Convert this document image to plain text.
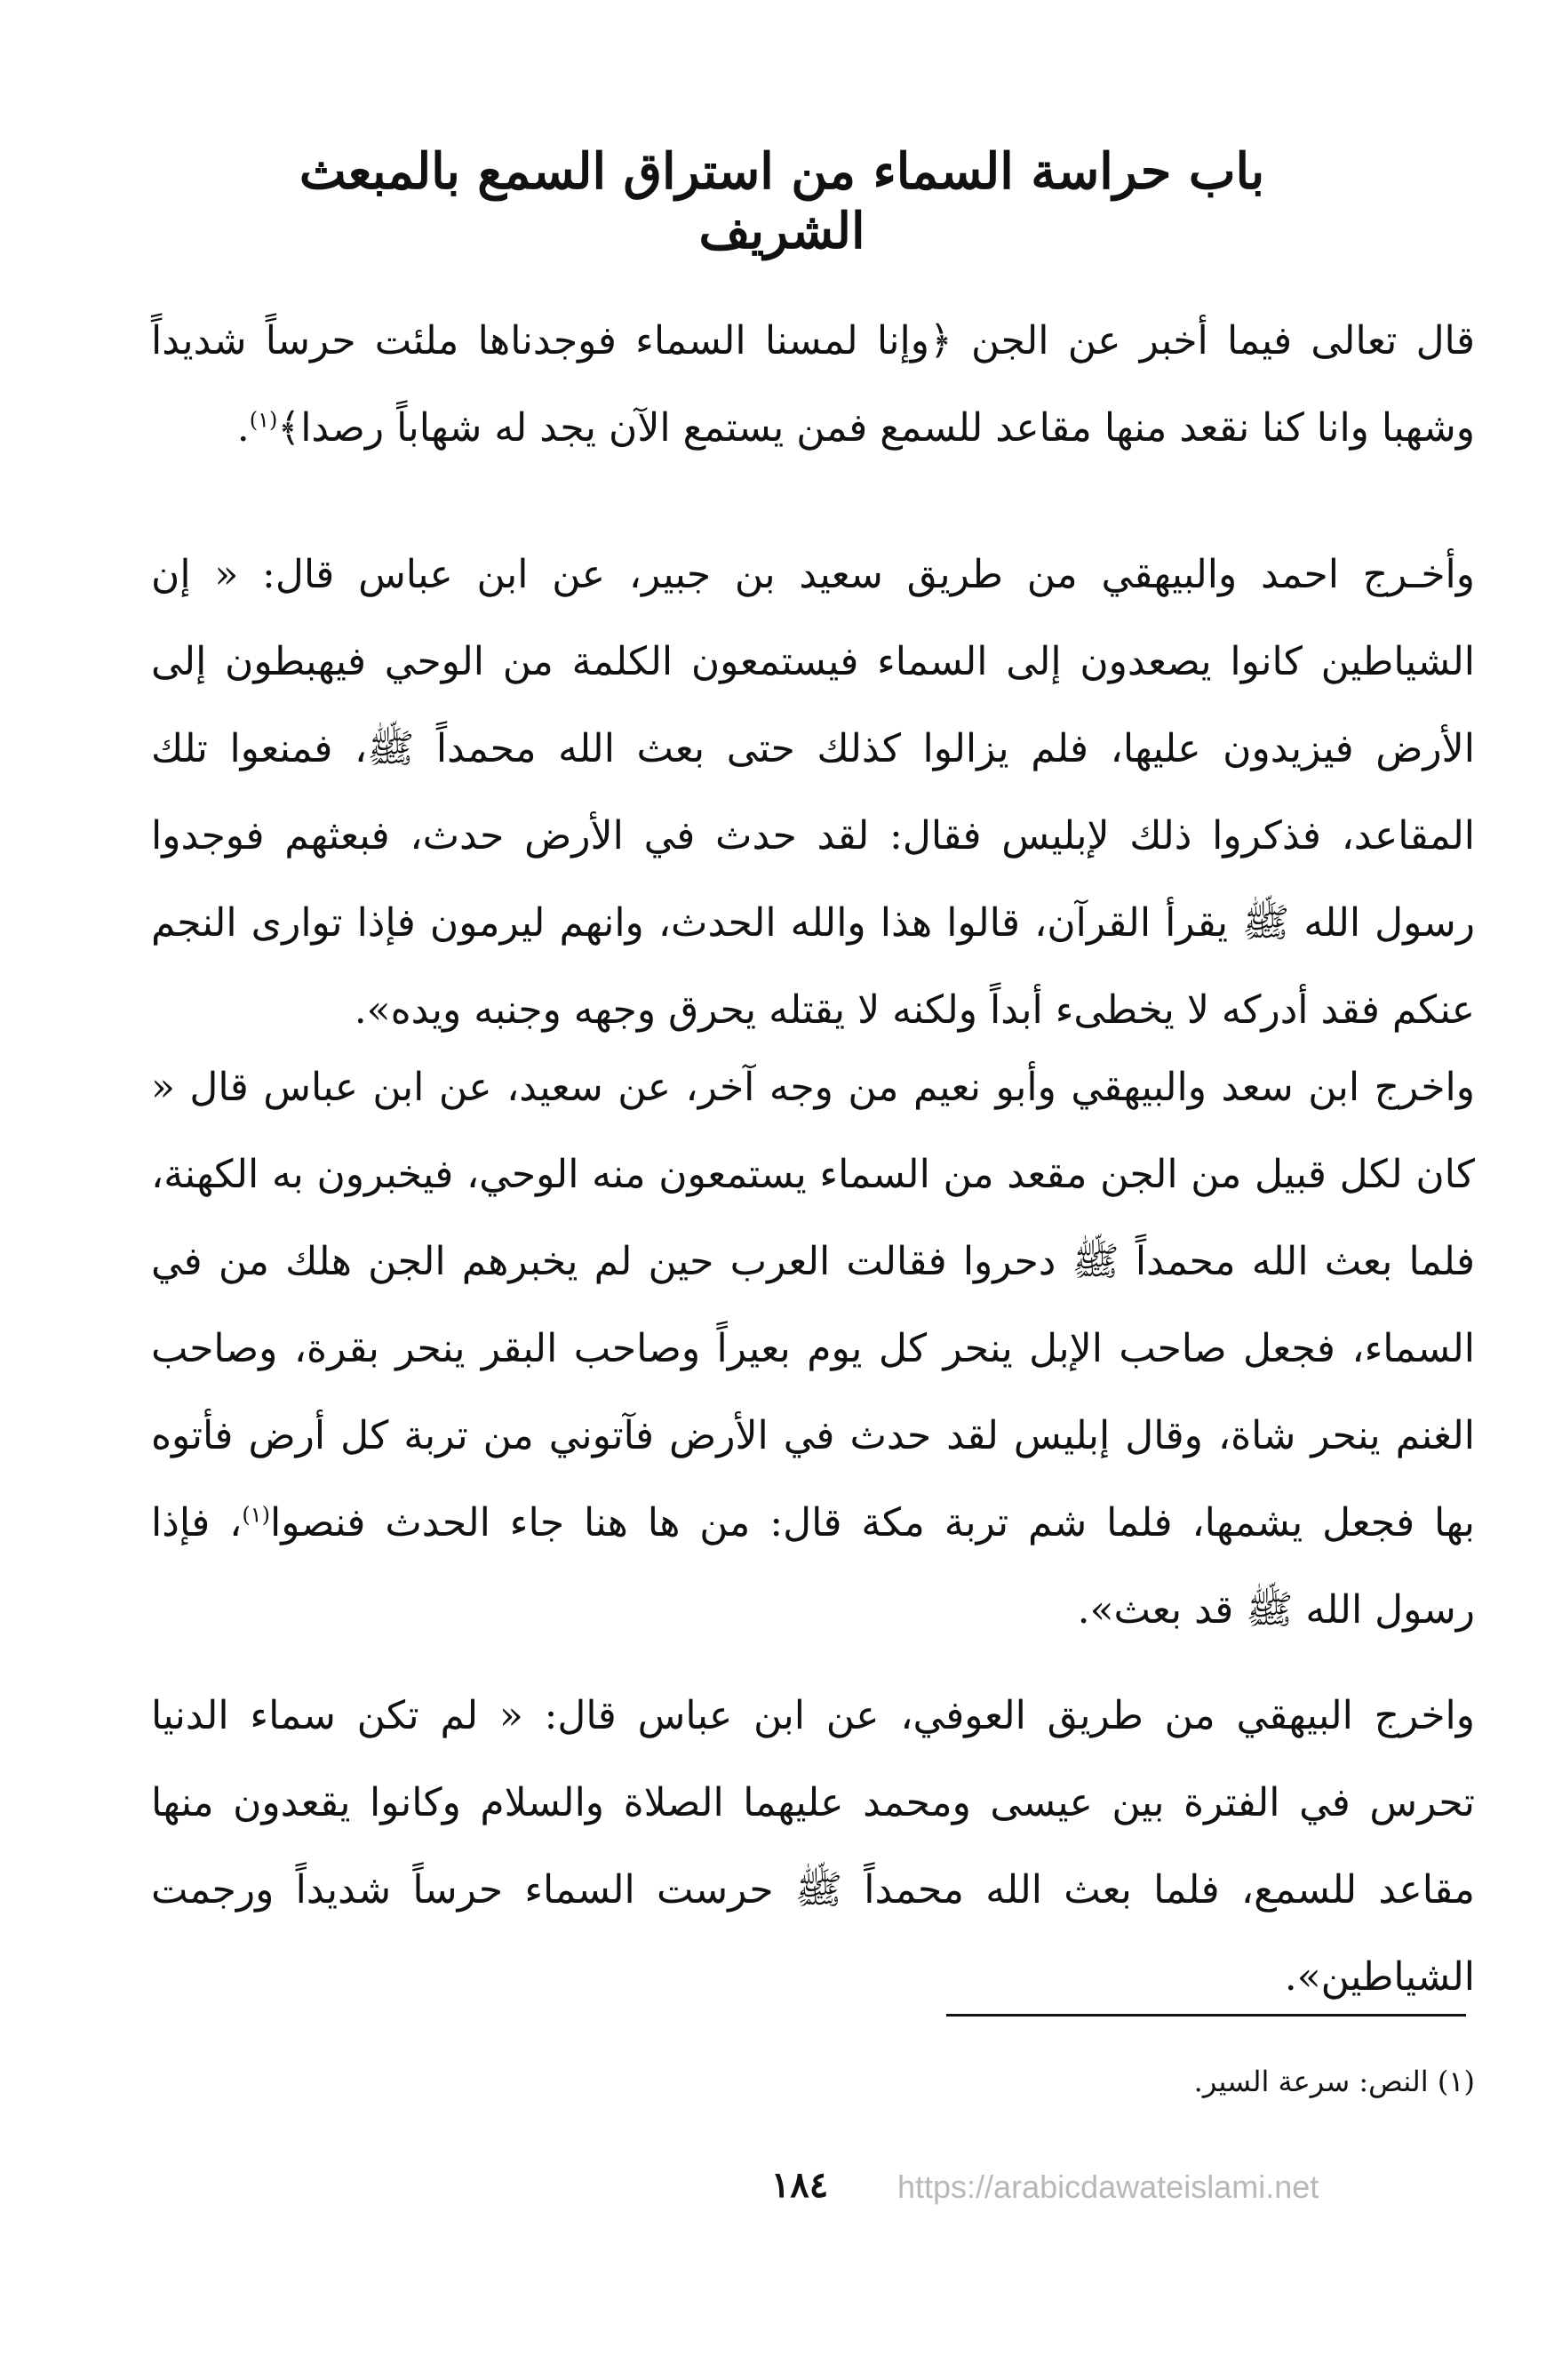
باب حراسة السماء من استراق السمع بالمبعث الشريف
قال تعالى فيما أخبر عن الجن ﴿وإنا لمسنا السماء فوجدناها ملئت حرساً شديداً وشهبا وانا كنا نقعد منها مقاعد للسمع فمن يستمع الآن يجد له شهاباً رصدا﴾$^{(١)}$.
وأخـرج احمد والبيهقي من طريق سعيد بن جبير، عن ابن عباس قال: « إن الشياطين كانوا يصعدون إلى السماء فيستمعون الكلمة من الوحي فيهبطون إلى الأرض فيزيدون عليها، فلم يزالوا كذلك حتى بعث الله محمداً ﷺ، فمنعوا تلك المقاعد، فذكروا ذلك لإبليس فقال: لقد حدث في الأرض حدث، فبعثهم فوجدوا رسول الله ﷺ يقرأ القرآن، قالوا هذا والله الحدث، وانهم ليرمون فإذا توارى النجم عنكم فقد أدركه لا يخطىء أبداً ولكنه لا يقتله يحرق وجهه وجنبه ويده».
واخرج ابن سعد والبيهقي وأبو نعيم من وجه آخر، عن سعيد، عن ابن عباس قال « كان لكل قبيل من الجن مقعد من السماء يستمعون منه الوحي، فيخبرون به الكهنة، فلما بعث الله محمداً ﷺ دحروا فقالت العرب حين لم يخبرهم الجن هلك من في السماء، فجعل صاحب الإبل ينحر كل يوم بعيراً وصاحب البقر ينحر بقرة، وصاحب الغنم ينحر شاة، وقال إبليس لقد حدث في الأرض فآتوني من تربة كل أرض فأتوه بها فجعل يشمها، فلما شم تربة مكة قال: من ها هنا جاء الحدث فنصوا$^{(١)}$، فإذا رسول الله ﷺ قد بعث».
واخرج البيهقي من طريق العوفي، عن ابن عباس قال: « لم تكن سماء الدنيا تحرس في الفترة بين عيسى ومحمد عليهما الصلاة والسلام وكانوا يقعدون منها مقاعد للسمع، فلما بعث الله محمداً ﷺ حرست السماء حرساً شديداً ورجمت الشياطين».
(١) النص: سرعة السير.
١٨٤	https://arabicdawateislami.net
